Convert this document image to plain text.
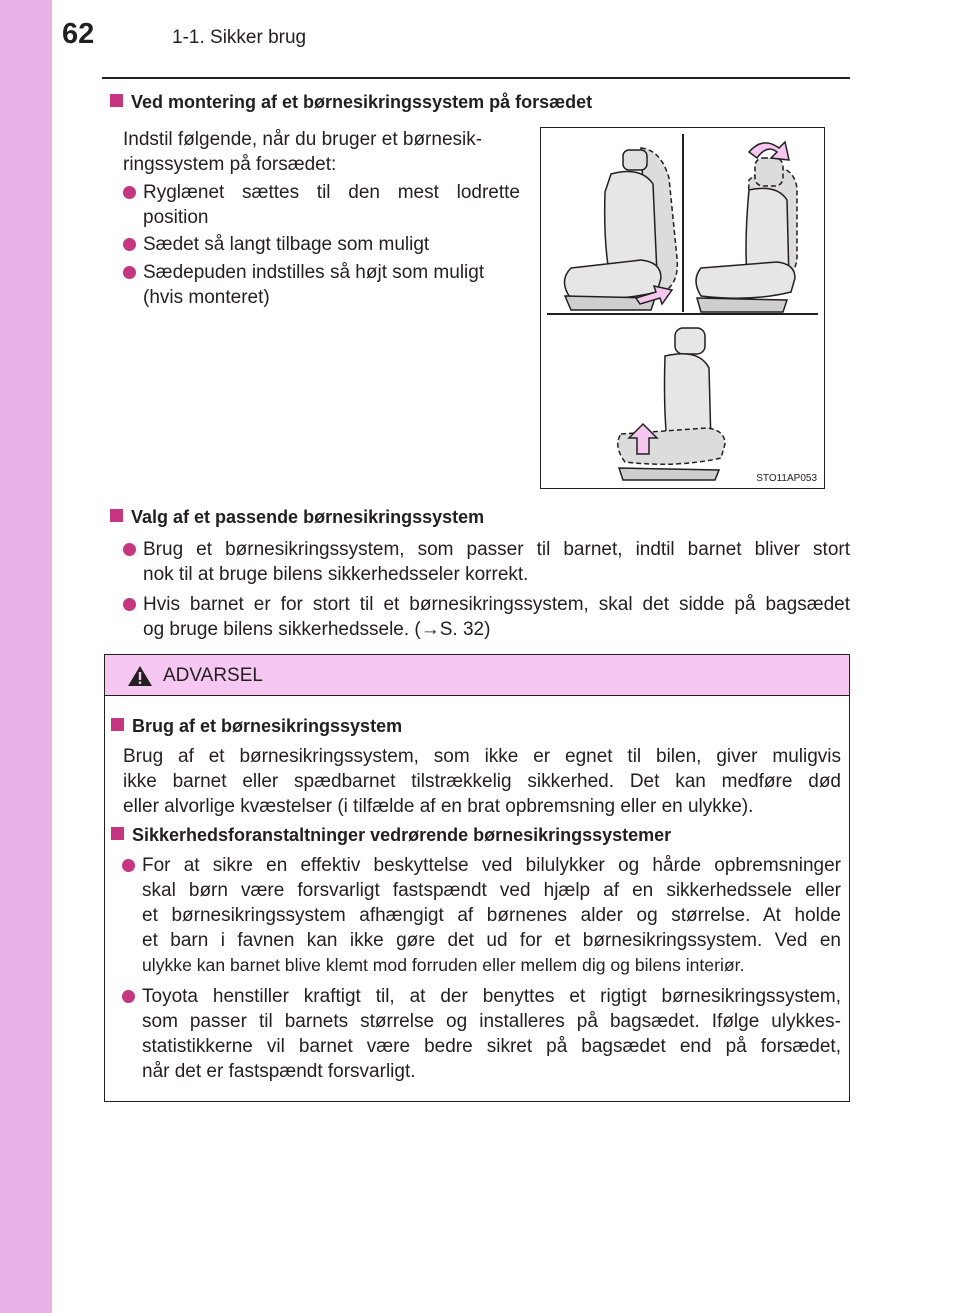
62	1-1. Sikker brug
Ved montering af et børnesikringssystem på forsædet
Indstil følgende, når du bruger et børnesik-
ringssystem på forsædet:
Ryglænet sættes til den mest lodrette
position
Sædet så langt tilbage som muligt
Sædepuden indstilles så højt som muligt
(hvis monteret)
STO11AP053
Valg af et passende børnesikringssystem
Brug et børnesikringssystem, som passer til barnet, indtil barnet bliver stort
nok til at bruge bilens sikkerhedsseler korrekt.
Hvis barnet er for stort til et børnesikringssystem, skal det sidde på bagsædet
og bruge bilens sikkerhedssele. (→S. 32)
ADVARSEL
Brug af et børnesikringssystem
Brug af et børnesikringssystem, som ikke er egnet til bilen, giver muligvis
ikke barnet eller spædbarnet tilstrækkelig sikkerhed. Det kan medføre død
eller alvorlige kvæstelser (i tilfælde af en brat opbremsning eller en ulykke).
Sikkerhedsforanstaltninger vedrørende børnesikringssystemer
For at sikre en effektiv beskyttelse ved bilulykker og hårde opbremsninger
skal børn være forsvarligt fastspændt ved hjælp af en sikkerhedssele eller
et børnesikringssystem afhængigt af børnenes alder og størrelse. At holde
et barn i favnen kan ikke gøre det ud for et børnesikringssystem. Ved en
ulykke kan barnet blive klemt mod forruden eller mellem dig og bilens interiør.
Toyota henstiller kraftigt til, at der benyttes et rigtigt børnesikringssystem,
som passer til barnets størrelse og installeres på bagsædet. Ifølge ulykkes-
statistikkerne vil barnet være bedre sikret på bagsædet end på forsædet,
når det er fastspændt forsvarligt.
